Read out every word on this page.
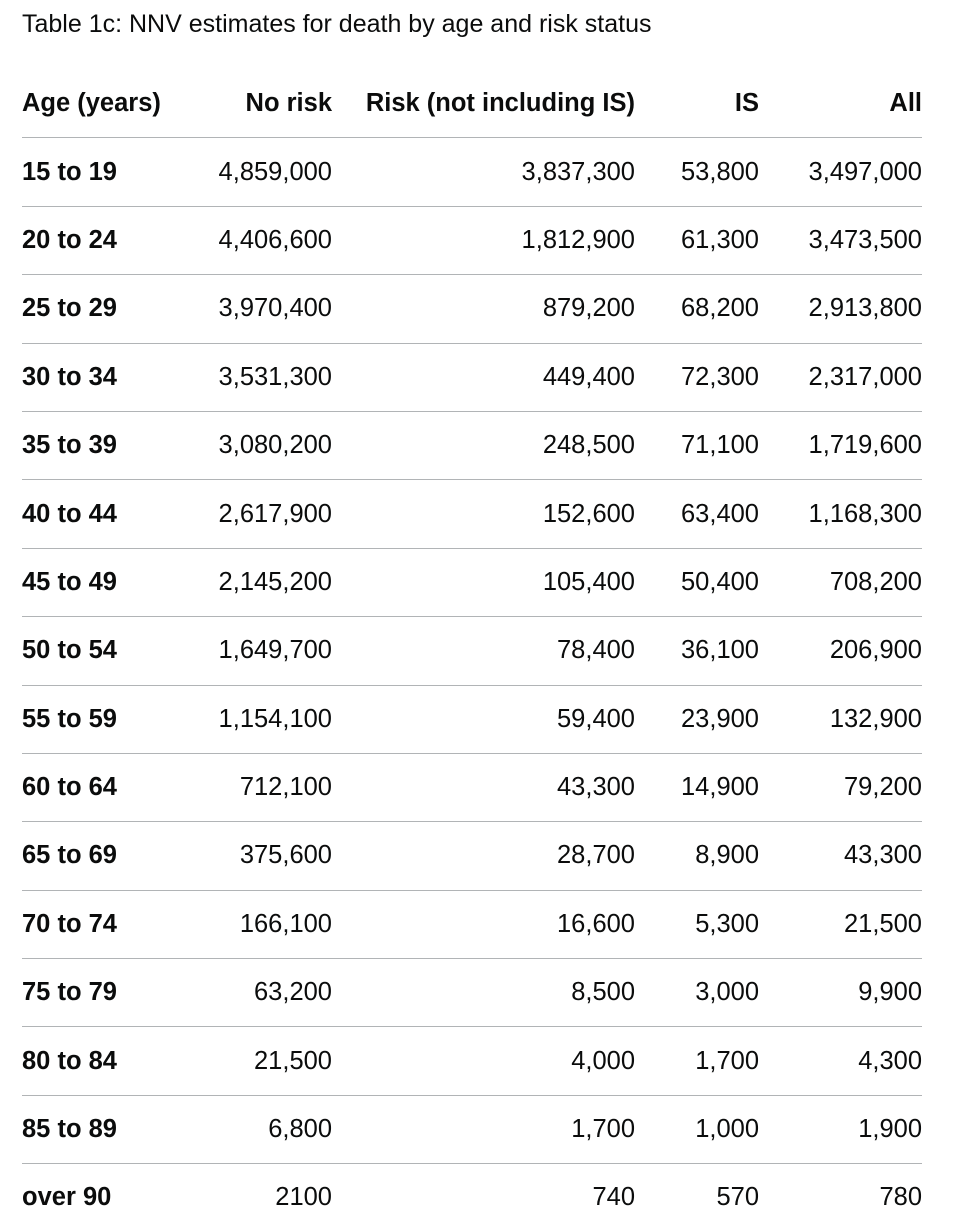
Table 1c: NNV estimates for death by age and risk status
Age (years)	No risk	Risk (not including IS)	IS	All
15 to 19	4,859,000	3,837,300	53,800	3,497,000
20 to 24	4,406,600	1,812,900	61,300	3,473,500
25 to 29	3,970,400	879,200	68,200	2,913,800
30 to 34	3,531,300	449,400	72,300	2,317,000
35 to 39	3,080,200	248,500	71,100	1,719,600
40 to 44	2,617,900	152,600	63,400	1,168,300
45 to 49	2,145,200	105,400	50,400	708,200
50 to 54	1,649,700	78,400	36,100	206,900
55 to 59	1,154,100	59,400	23,900	132,900
60 to 64	712,100	43,300	14,900	79,200
65 to 69	375,600	28,700	8,900	43,300
70 to 74	166,100	16,600	5,300	21,500
75 to 79	63,200	8,500	3,000	9,900
80 to 84	21,500	4,000	1,700	4,300
85 to 89	6,800	1,700	1,000	1,900
over 90	2100	740	570	780
